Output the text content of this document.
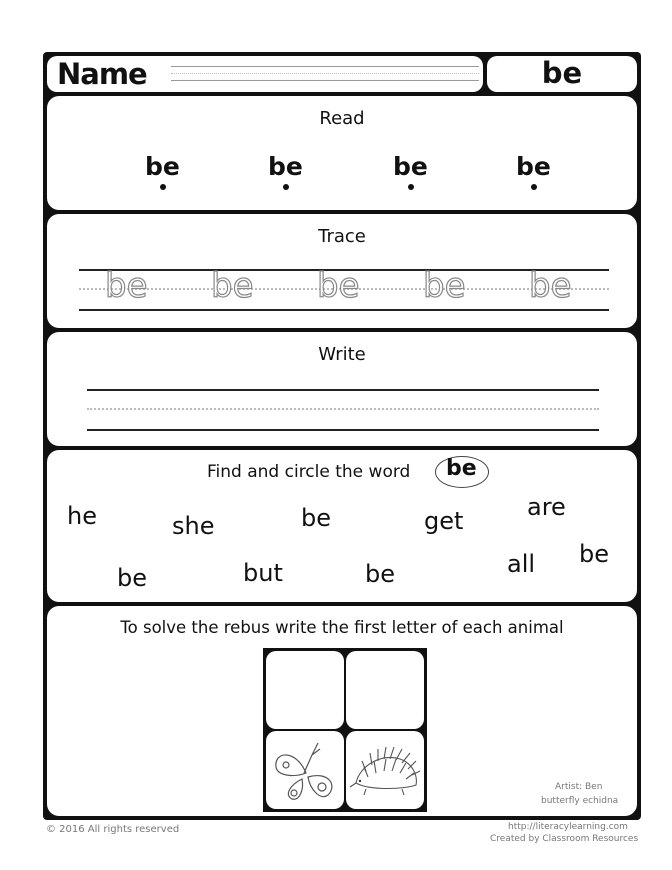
Name	be
Read
be	be	be	be
Trace
be be be be be
Write
Find and circle the word be
he	she	be	get	are
be
be	but	be	all
To solve the rebus write the first letter of each animal
Artist: Ben
butterfly echidna
© 2016 All rights reserved	http://literacylearning.com
Created by Classroom Resources
